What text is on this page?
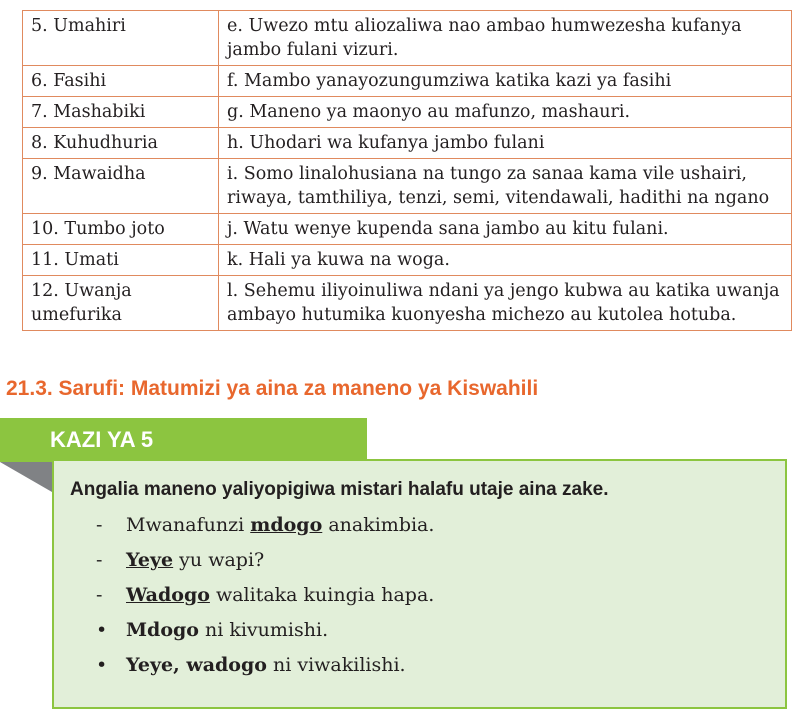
5. Umahiri	e. Uwezo mtu aliozaliwa nao ambao humwezesha kufanya jambo fulani vizuri.
6. Fasihi	f. Mambo yanayozungumziwa katika kazi ya fasihi
7. Mashabiki	g. Maneno ya maonyo au mafunzo, mashauri.
8. Kuhudhuria	h. Uhodari wa kufanya jambo fulani
9. Mawaidha	i. Somo linalohusiana na tungo za sanaa kama vile ushairi, riwaya, tamthiliya, tenzi, semi, vitendawali, hadithi na ngano
10. Tumbo joto	j. Watu wenye kupenda sana jambo au kitu fulani.
11. Umati	k. Hali ya kuwa na woga.
12. Uwanja umefurika	l. Sehemu iliyoinuliwa ndani ya jengo kubwa au katika uwanja ambayo hutumika kuonyesha michezo au kutolea hotuba.
21.3. Sarufi: Matumizi ya aina za maneno ya Kiswahili
KAZI YA 5
Angalia maneno yaliyopigiwa mistari halafu utaje aina zake.
- Mwanafunzi mdogo anakimbia.
- Yeye yu wapi?
- Wadogo walitaka kuingia hapa.
• Mdogo ni kivumishi.
• Yeye, wadogo ni viwakilishi.
